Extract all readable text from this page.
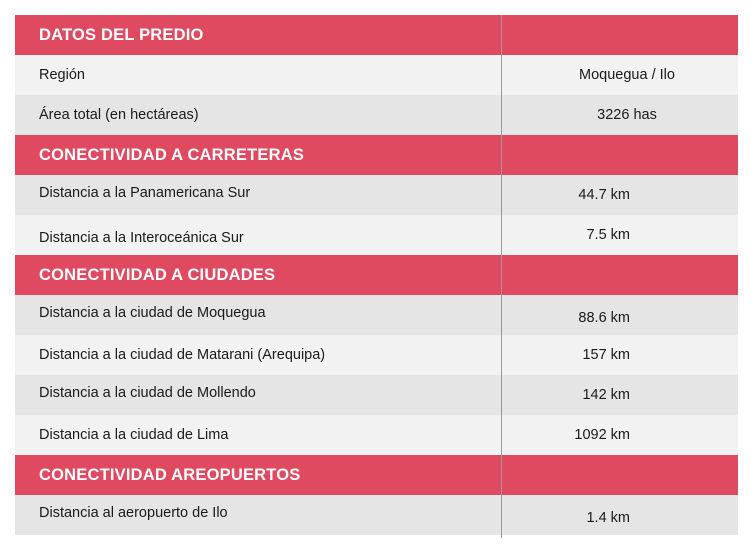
DATOS DEL PREDIO
Región	Moquegua / Ilo
Área total (en hectáreas)	3226 has
CONECTIVIDAD A CARRETERAS
Distancia a la Panamericana Sur	44.7 km
Distancia a la Interoceánica Sur	7.5 km
CONECTIVIDAD A CIUDADES
Distancia a la ciudad de Moquegua	88.6 km
Distancia a la ciudad de Matarani (Arequipa)	157 km
Distancia a la ciudad de Mollendo	142 km
Distancia a la ciudad de Lima	1092 km
CONECTIVIDAD AREOPUERTOS
Distancia al aeropuerto de Ilo	1.4 km
